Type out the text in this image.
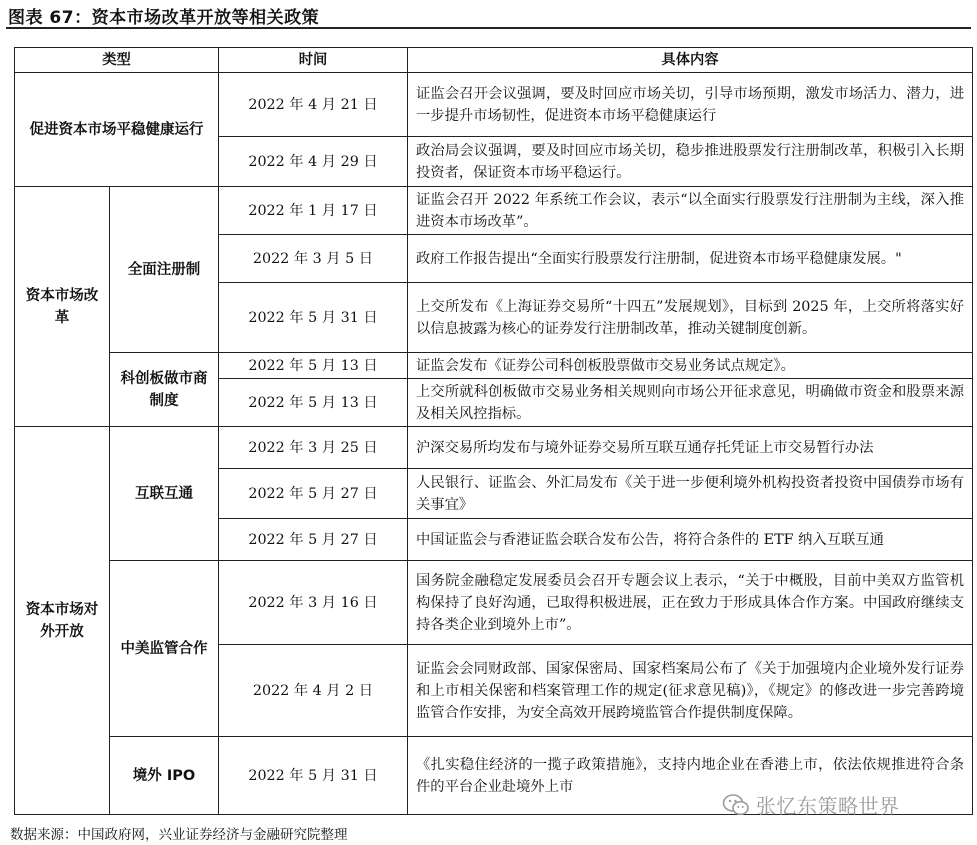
图表 67：资本市场改革开放等相关政策
类型		时间	具体内容
促进资本市场平稳健康运行		2022 年 4 月 21 日	证监会召开会议强调，要及时回应市场关切，引导市场预期，激发市场活力、潜力，进一步提升市场韧性，促进资本市场平稳健康运行
		2022 年 4 月 29 日	政治局会议强调，要及时回应市场关切，稳步推进股票发行注册制改革，积极引入长期投资者，保证资本市场平稳运行。
资本市场改革	全面注册制	2022 年 1 月 17 日	证监会召开 2022 年系统工作会议，表示“以全面实行股票发行注册制为主线，深入推进资本市场改革”。
		2022 年 3 月 5 日	政府工作报告提出“全面实行股票发行注册制，促进资本市场平稳健康发展。"
		2022 年 5 月 31 日	上交所发布《上海证券交易所“十四五”发展规划》，目标到 2025 年，上交所将落实好以信息披露为核心的证券发行注册制改革，推动关键制度创新。
	科创板做市商制度	2022 年 5 月 13 日	证监会发布《证券公司科创板股票做市交易业务试点规定》。
		2022 年 5 月 13 日	上交所就科创板做市交易业务相关规则向市场公开征求意见，明确做市资金和股票来源及相关风控指标。
资本市场对外开放	互联互通	2022 年 3 月 25 日	沪深交易所均发布与境外证券交易所互联互通存托凭证上市交易暂行办法
		2022 年 5 月 27 日	人民银行、证监会、外汇局发布《关于进一步便利境外机构投资者投资中国债券市场有关事宜》
		2022 年 5 月 27 日	中国证监会与香港证监会联合发布公告，将符合条件的 ETF 纳入互联互通
	中美监管合作	2022 年 3 月 16 日	国务院金融稳定发展委员会召开专题会议上表示，“关于中概股，目前中美双方监管机构保持了良好沟通，已取得积极进展，正在致力于形成具体合作方案。中国政府继续支持各类企业到境外上市”。
		2022 年 4 月 2 日	证监会会同财政部、国家保密局、国家档案局公布了《关于加强境内企业境外发行证券和上市相关保密和档案管理工作的规定(征求意见稿)》，《规定》的修改进一步完善跨境监管合作安排，为安全高效开展跨境监管合作提供制度保障。
	境外 IPO	2022 年 5 月 31 日	《扎实稳住经济的一揽子政策措施》，支持内地企业在香港上市，依法依规推进符合条件的平台企业赴境外上市
张忆东策略世界
数据来源：中国政府网，兴业证券经济与金融研究院整理
